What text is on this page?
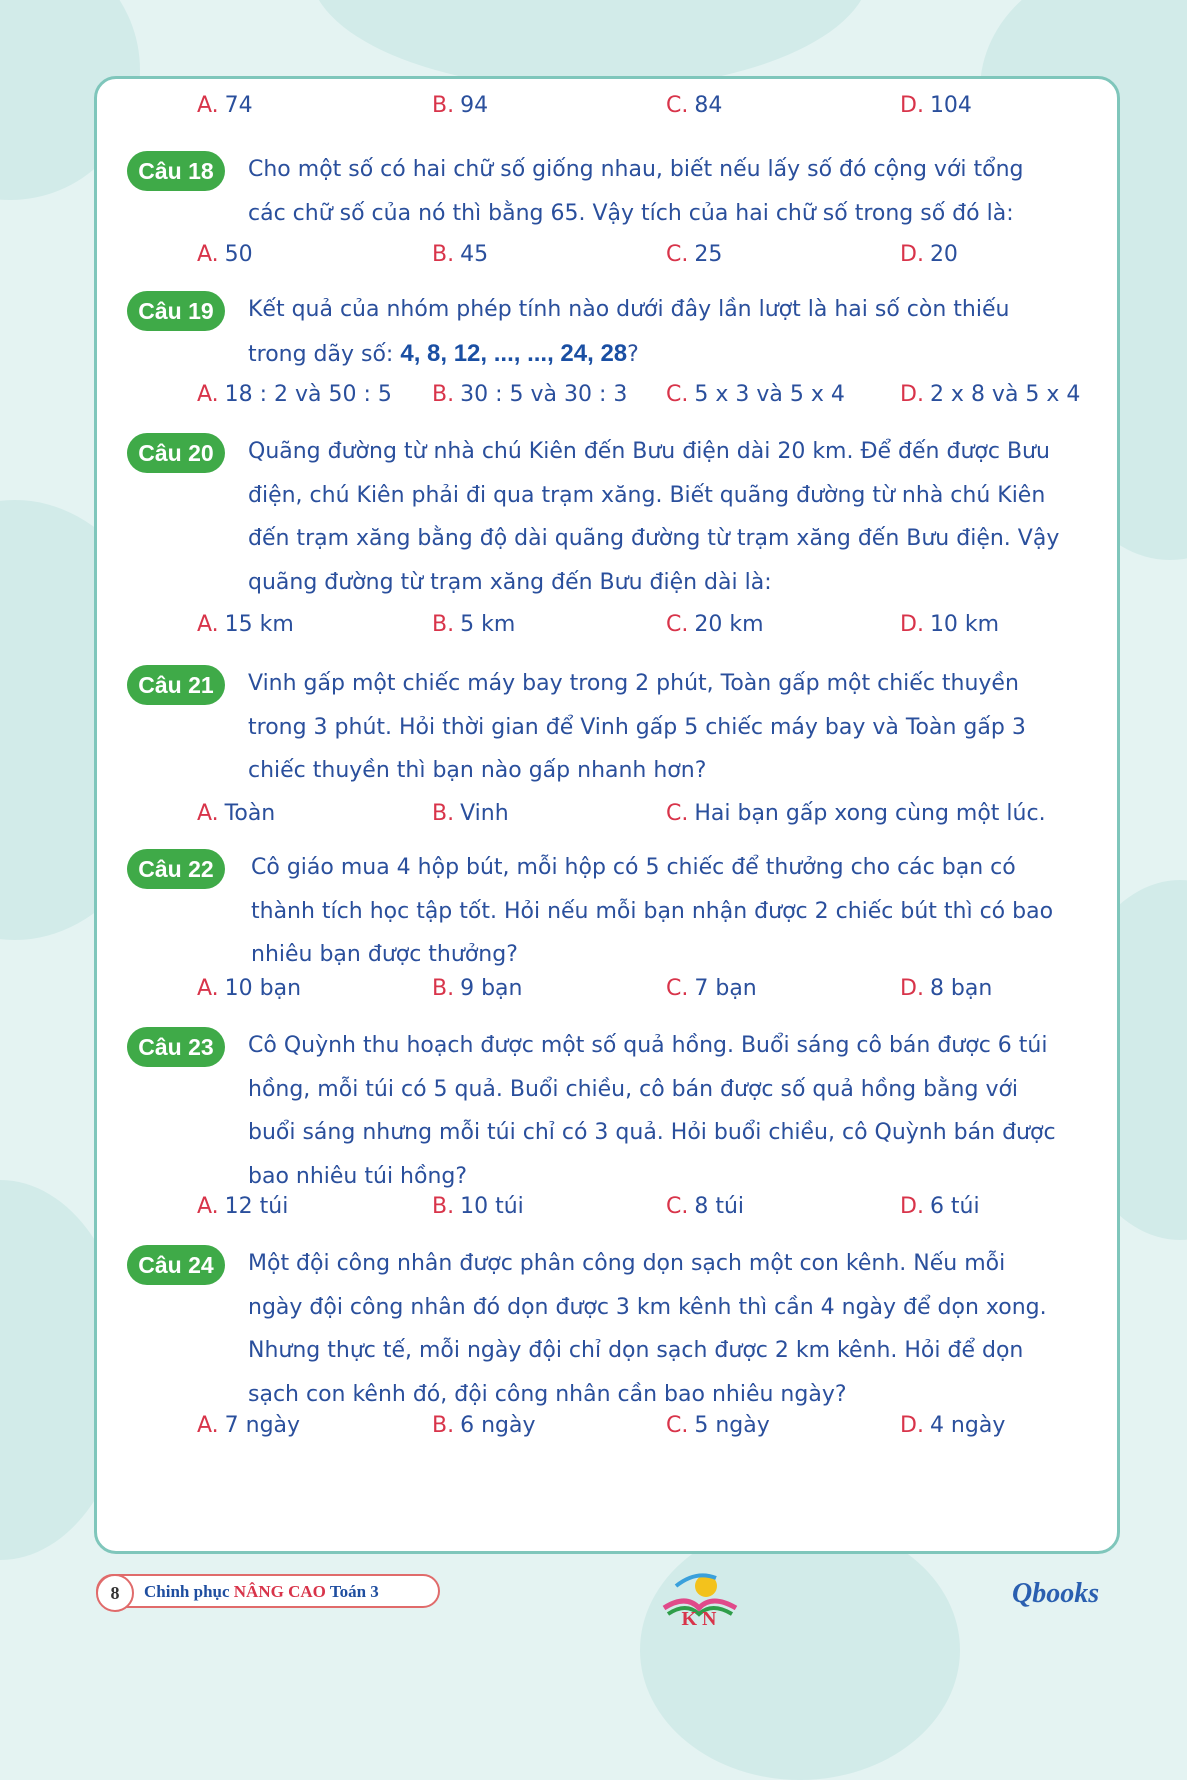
A. 74	B. 94	C. 84	D. 104
Câu 18	Cho một số có hai chữ số giống nhau, biết nếu lấy số đó cộng với tổng
các chữ số của nó thì bằng 65. Vậy tích của hai chữ số trong số đó là:
A. 50	B. 45	C. 25	D. 20
Câu 19	Kết quả của nhóm phép tính nào dưới đây lần lượt là hai số còn thiếu
trong dãy số: 4, 8, 12, ..., ..., 24, 28?
A. 18 : 2 và 50 : 5 B. 30 : 5 và 30 : 3 C. 5 x 3 và 5 x 4	D. 2 x 8 và 5 x 4
Câu 20	Quãng đường từ nhà chú Kiên đến Bưu điện dài 20 km. Để đến được Bưu
điện, chú Kiên phải đi qua trạm xăng. Biết quãng đường từ nhà chú Kiên
đến trạm xăng bằng độ dài quãng đường từ trạm xăng đến Bưu điện. Vậy
quãng đường từ trạm xăng đến Bưu điện dài là:
A. 15 km	B. 5 km	C. 20 km	D. 10 km
Câu 21	Vinh gấp một chiếc máy bay trong 2 phút, Toàn gấp một chiếc thuyền
trong 3 phút. Hỏi thời gian để Vinh gấp 5 chiếc máy bay và Toàn gấp 3
chiếc thuyền thì bạn nào gấp nhanh hơn?
A. Toàn	B. Vinh	C. Hai bạn gấp xong cùng một lúc.
Câu 22	Cô giáo mua 4 hộp bút, mỗi hộp có 5 chiếc để thưởng cho các bạn có
thành tích học tập tốt. Hỏi nếu mỗi bạn nhận được 2 chiếc bút thì có bao
nhiêu bạn được thưởng?
A. 10 bạn	B. 9 bạn	C. 7 bạn	D. 8 bạn
Câu 23	Cô Quỳnh thu hoạch được một số quả hồng. Buổi sáng cô bán được 6 túi
hồng, mỗi túi có 5 quả. Buổi chiều, cô bán được số quả hồng bằng với
buổi sáng nhưng mỗi túi chỉ có 3 quả. Hỏi buổi chiều, cô Quỳnh bán được
bao nhiêu túi hồng?
A. 12 túi	B. 10 túi	C. 8 túi	D. 6 túi
Câu 24	Một đội công nhân được phân công dọn sạch một con kênh. Nếu mỗi
ngày đội công nhân đó dọn được 3 km kênh thì cần 4 ngày để dọn xong.
Nhưng thực tế, mỗi ngày đội chỉ dọn sạch được 2 km kênh. Hỏi để dọn
sạch con kênh đó, đội công nhân cần bao nhiêu ngày?
A. 7 ngày	B. 6 ngày	C. 5 ngày	D. 4 ngày
8	Chinh phục NÂNG CAO Toán 3
K N
Qbooks
